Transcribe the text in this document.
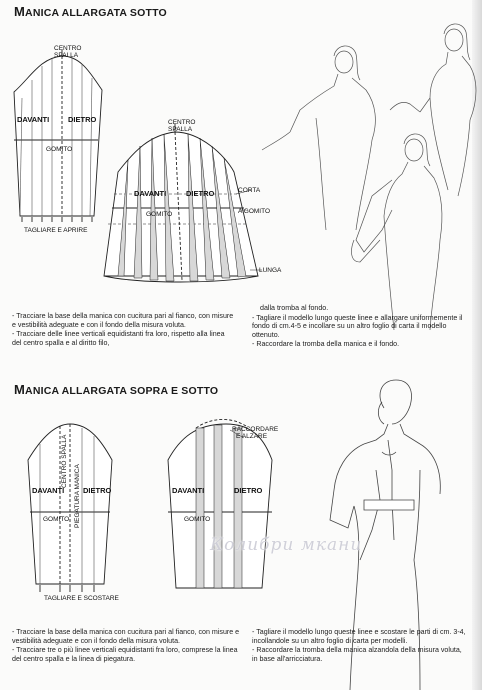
MANICA ALLARGATA SOTTO
MANICA ALLARGATA SOPRA E SOTTO
CENTRO
SPALLA
DAVANTI	DIETRO
GOMITO
TAGLIARE E APRIRE
CENTRO
SPALLA
DAVANTI	DIETRO
GOMITO
CORTA
A GOMITO
LUNGA
CENTRO SPALLA
PIEGATURA MANICA
DAVANTI	DIETRO
GOMITO
TAGLIARE E SCOSTARE
RACCORDARE
E ALZARE
DAVANTI	DIETRO
GOMITO

- Tracciare la base della manica con cucitura pari al fianco, con misure e vestibilità adeguate e con il fondo della misura voluta.

- Tracciare delle linee verticali equidistanti fra loro, rispetto alla linea del centro spalla e al diritto filo,

dalla tromba al fondo.

- Tagliare il modello lungo queste linee e allargare uniformemente il fondo di cm.4-5 e incollare su un altro foglio di carta il modello ottenuto.

- Raccordare la tromba della manica e il fondo.

- Tracciare la base della manica con cucitura pari al fianco, con misure e vestibilità adeguate e con il fondo della misura voluta.

- Tracciare tre o più linee verticali equidistanti fra loro, comprese la linea del centro spalla e la linea di piegatura.

- Tagliare il modello lungo queste linee e scostare le parti di cm. 3-4, incollandole su un altro foglio di carta per modelli.

- Raccordare la tromba della manica alzandola della misura voluta, in base all'arricciatura.

Колибри мкани
